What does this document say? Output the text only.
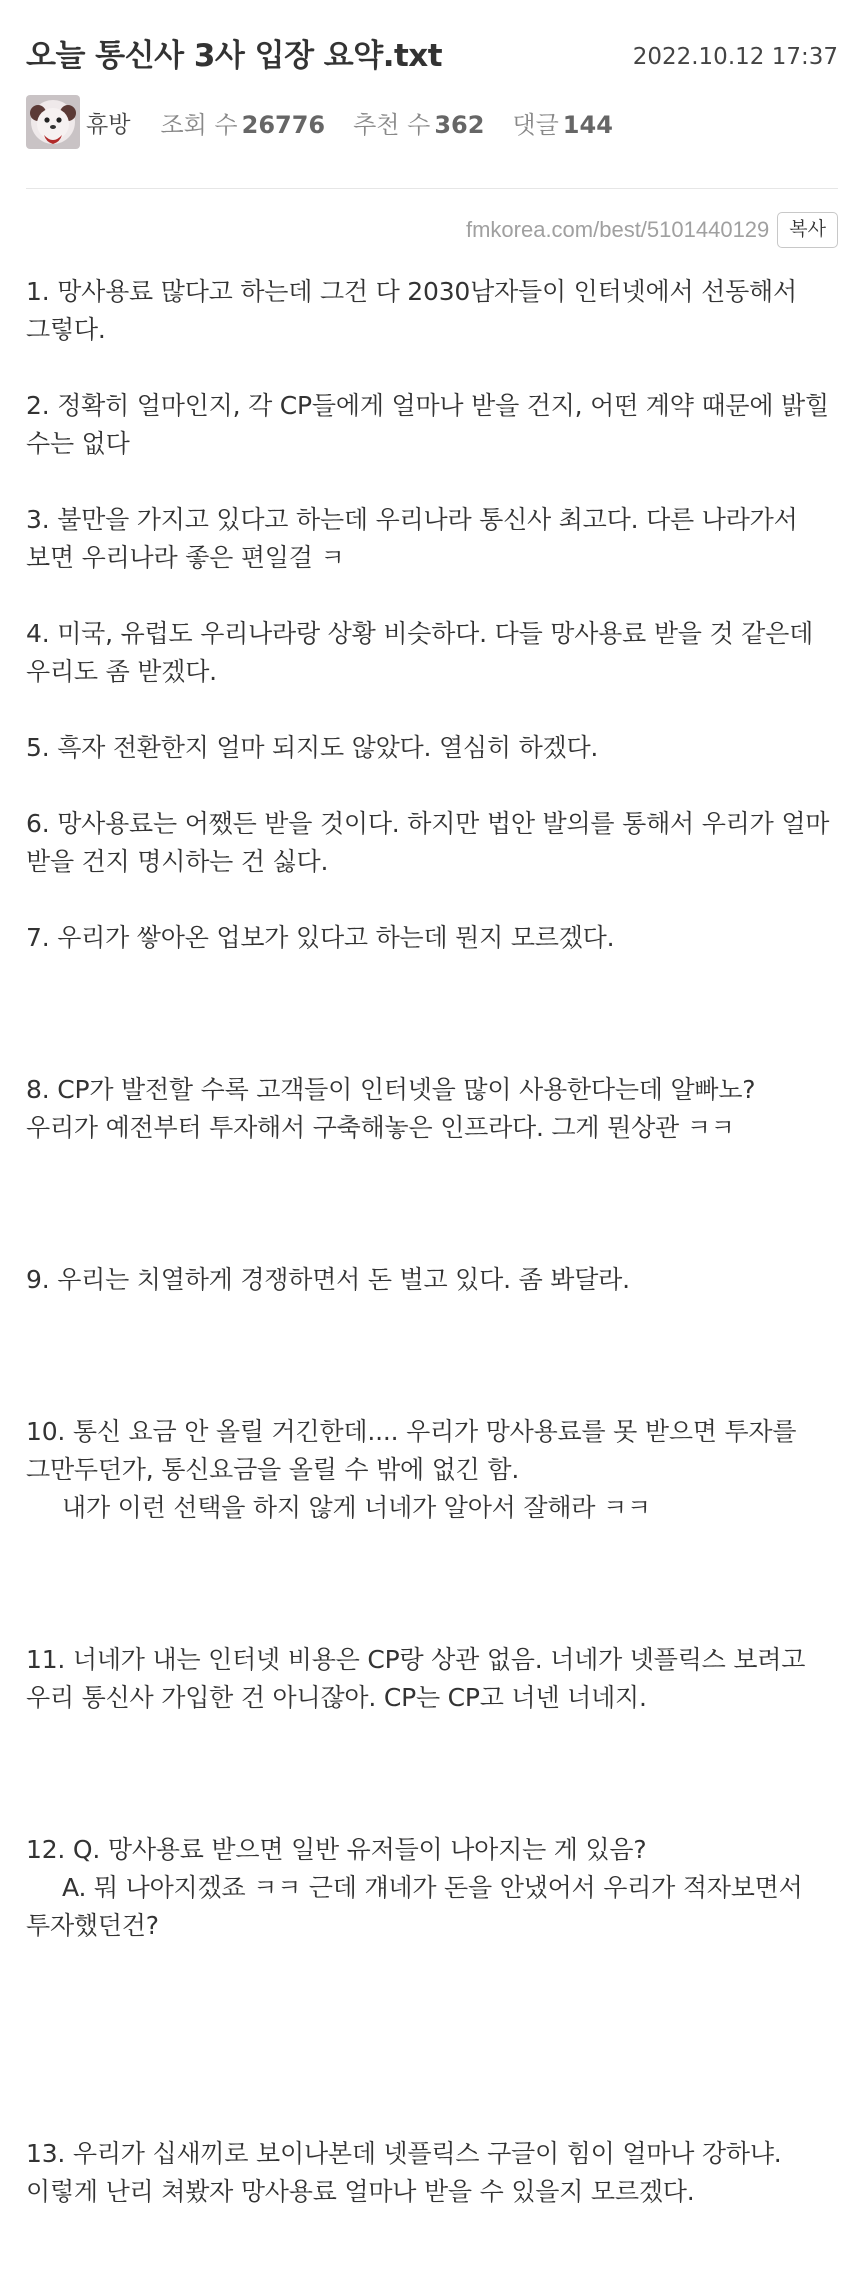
오늘 통신사 3사 입장 요약.txt	2022.10.12 17:37
휴방 조회 수 26776 추천 수 362 댓글 144
fmkorea.com/best/5101440129	복사

1. 망사용료 많다고 하는데 그건 다 2030남자들이 인터넷에서 선동해서 그렇다.

2. 정확히 얼마인지, 각 CP들에게 얼마나 받을 건지, 어떤 계약 때문에 밝힐 수는 없다

3. 불만을 가지고 있다고 하는데 우리나라 통신사 최고다. 다른 나라가서 보면 우리나라 좋은 편일걸 ㅋ

4. 미국, 유럽도 우리나라랑 상황 비슷하다. 다들 망사용료 받을 것 같은데 우리도 좀 받겠다.

5. 흑자 전환한지 얼마 되지도 않았다. 열심히 하겠다.

6. 망사용료는 어쨌든 받을 것이다. 하지만 법안 발의를 통해서 우리가 얼마 받을 건지 명시하는 건 싫다.

7. 우리가 쌓아온 업보가 있다고 하는데 뭔지 모르겠다.

8. CP가 발전할 수록 고객들이 인터넷을 많이 사용한다는데 알빠노?
우리가 예전부터 투자해서 구축해놓은 인프라다. 그게 뭔상관 ㅋㅋ

9. 우리는 치열하게 경쟁하면서 돈 벌고 있다. 좀 봐달라.

10. 통신 요금 안 올릴 거긴한데.... 우리가 망사용료를 못 받으면 투자를 그만두던가, 통신요금을 올릴 수 밖에 없긴 함.
내가 이런 선택을 하지 않게 너네가 알아서 잘해라 ㅋㅋ

11. 너네가 내는 인터넷 비용은 CP랑 상관 없음. 너네가 넷플릭스 보려고 우리 통신사 가입한 건 아니잖아. CP는 CP고 너넨 너네지.

12. Q. 망사용료 받으면 일반 유저들이 나아지는 게 있음?
A. 뭐 나아지겠죠 ㅋㅋ 근데 걔네가 돈을 안냈어서 우리가 적자보면서 투자했던건?

13. 우리가 십새끼로 보이나본데 넷플릭스 구글이 힘이 얼마나 강하냐.
이렇게 난리 쳐봤자 망사용료 얼마나 받을 수 있을지 모르겠다.
